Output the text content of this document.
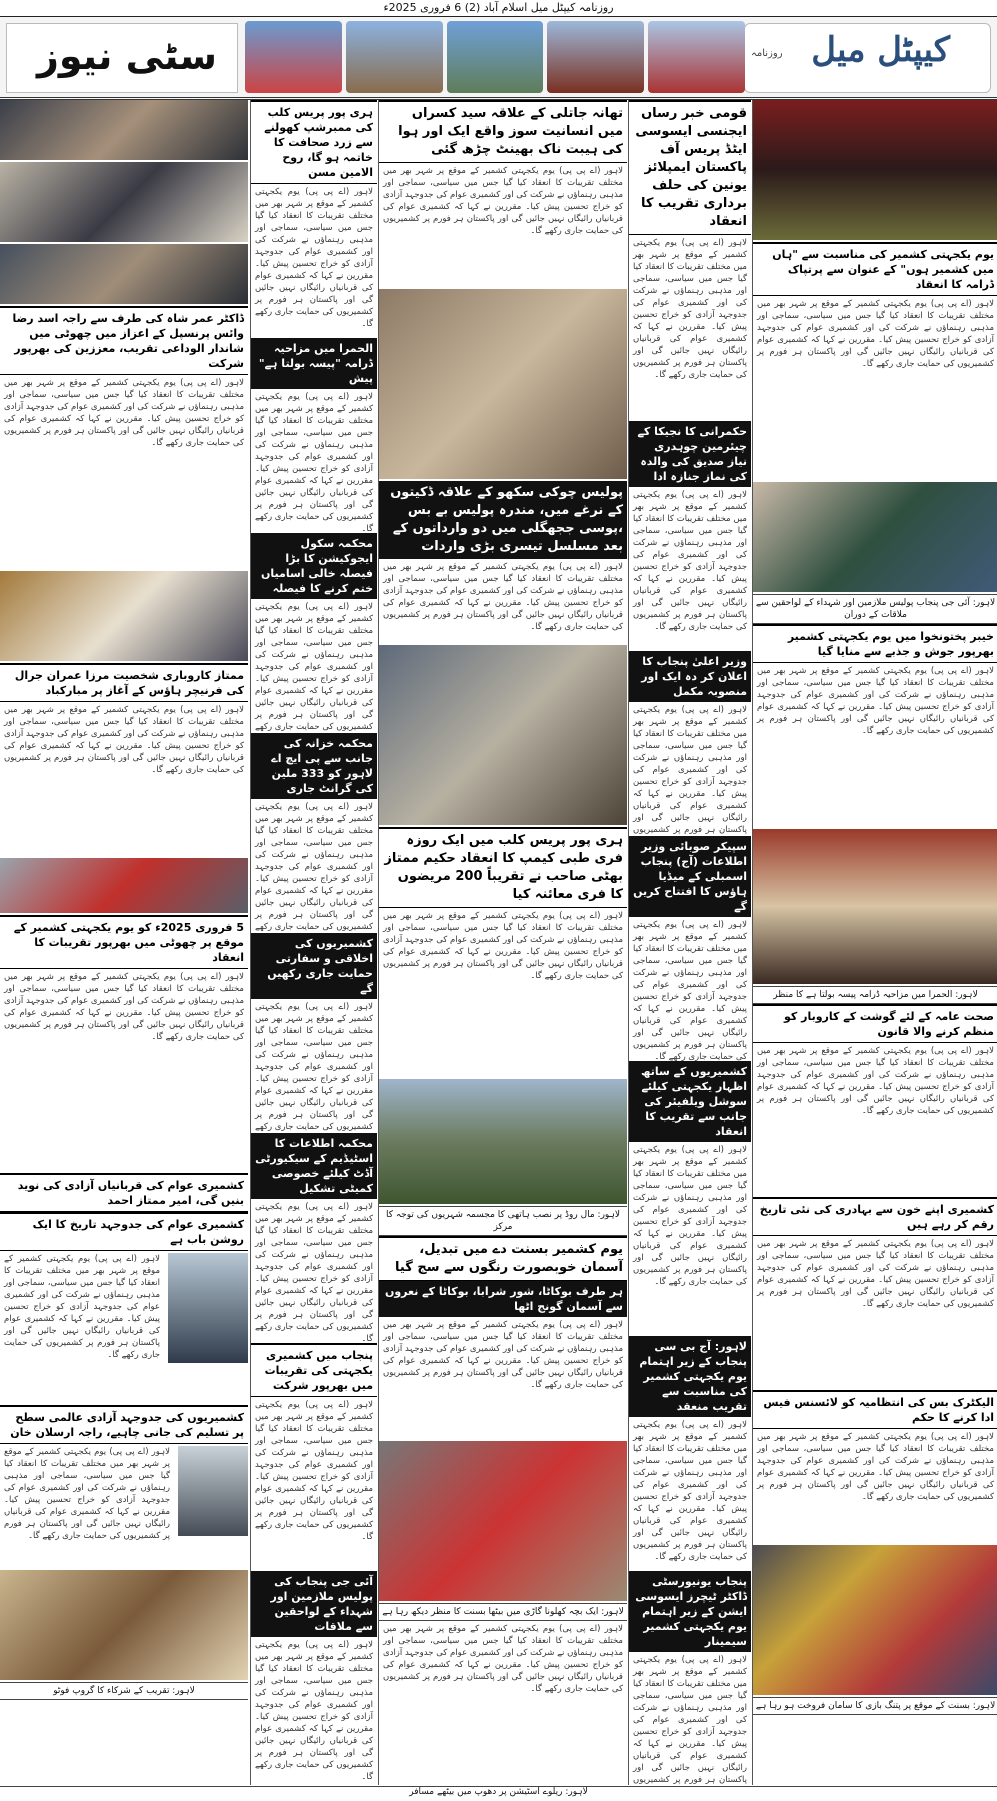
روزنامہ کیپٹل میل اسلام آباد (2) 6 فروری 2025ء
کیپٹل میل
روزنامہ
سٹی نیوز
قومی خبر رساں ایجنسی ایسوسی ایٹڈ پریس آف پاکستان ایمپلائز یونین کی حلف برداری تقریب کا انعقاد
لاہور (اے پی پی) یوم یکجہتی کشمیر کے موقع پر شہر بھر میں مختلف تقریبات کا انعقاد کیا گیا جس میں سیاسی، سماجی اور مذہبی رہنماؤں نے شرکت کی اور کشمیری عوام کی جدوجہد آزادی کو خراج تحسین پیش کیا۔ مقررین نے کہا کہ کشمیری عوام کی قربانیاں رائیگاں نہیں جائیں گی اور پاکستان ہر فورم پر کشمیریوں کی حمایت جاری رکھے گا۔
حکمرانی کا نجیکا کے چیئرمین چوہدری نیاز صدیق کی والدہ کی نماز جنازہ ادا
لاہور (اے پی پی) یوم یکجہتی کشمیر کے موقع پر شہر بھر میں مختلف تقریبات کا انعقاد کیا گیا جس میں سیاسی، سماجی اور مذہبی رہنماؤں نے شرکت کی اور کشمیری عوام کی جدوجہد آزادی کو خراج تحسین پیش کیا۔ مقررین نے کہا کہ کشمیری عوام کی قربانیاں رائیگاں نہیں جائیں گی اور پاکستان ہر فورم پر کشمیریوں کی حمایت جاری رکھے گا۔
وزیر اعلیٰ پنجاب کا اعلان کر دہ ایک اور منصوبہ مکمل
لاہور (اے پی پی) یوم یکجہتی کشمیر کے موقع پر شہر بھر میں مختلف تقریبات کا انعقاد کیا گیا جس میں سیاسی، سماجی اور مذہبی رہنماؤں نے شرکت کی اور کشمیری عوام کی جدوجہد آزادی کو خراج تحسین پیش کیا۔ مقررین نے کہا کہ کشمیری عوام کی قربانیاں رائیگاں نہیں جائیں گی اور پاکستان ہر فورم پر کشمیریوں
سپیکر صوبائی وزیر اطلاعات (آج) پنجاب اسمبلی کے میڈیا ہاؤس کا افتتاح کریں گے
لاہور (اے پی پی) یوم یکجہتی کشمیر کے موقع پر شہر بھر میں مختلف تقریبات کا انعقاد کیا گیا جس میں سیاسی، سماجی اور مذہبی رہنماؤں نے شرکت کی اور کشمیری عوام کی جدوجہد آزادی کو خراج تحسین پیش کیا۔ مقررین نے کہا کہ کشمیری عوام کی قربانیاں رائیگاں نہیں جائیں گی اور پاکستان ہر فورم پر کشمیریوں کی حمایت جاری رکھے گا۔
کشمیریوں کے ساتھ اظہار یکجہتی کیلئے سوشل ویلفیئر کی جانب سے تقریب کا انعقاد
لاہور (اے پی پی) یوم یکجہتی کشمیر کے موقع پر شہر بھر میں مختلف تقریبات کا انعقاد کیا گیا جس میں سیاسی، سماجی اور مذہبی رہنماؤں نے شرکت کی اور کشمیری عوام کی جدوجہد آزادی کو خراج تحسین پیش کیا۔ مقررین نے کہا کہ کشمیری عوام کی قربانیاں رائیگاں نہیں جائیں گی اور پاکستان ہر فورم پر کشمیریوں کی حمایت جاری رکھے گا۔
لاہور: آج بی سی پنجاب کے زیر اہتمام یوم یکجہتی کشمیر کی مناسبت سے تقریب منعقد
لاہور (اے پی پی) یوم یکجہتی کشمیر کے موقع پر شہر بھر میں مختلف تقریبات کا انعقاد کیا گیا جس میں سیاسی، سماجی اور مذہبی رہنماؤں نے شرکت کی اور کشمیری عوام کی جدوجہد آزادی کو خراج تحسین پیش کیا۔ مقررین نے کہا کہ کشمیری عوام کی قربانیاں رائیگاں نہیں جائیں گی اور پاکستان ہر فورم پر کشمیریوں کی حمایت جاری رکھے گا۔
پنجاب یونیورسٹی ڈاکٹر ٹیچرز ایسوسی ایشن کے زیر اہتمام یوم یکجہتی کشمیر سیمینار
لاہور (اے پی پی) یوم یکجہتی کشمیر کے موقع پر شہر بھر میں مختلف تقریبات کا انعقاد کیا گیا جس میں سیاسی، سماجی اور مذہبی رہنماؤں نے شرکت کی اور کشمیری عوام کی جدوجہد آزادی کو خراج تحسین پیش کیا۔ مقررین نے کہا کہ کشمیری عوام کی قربانیاں رائیگاں نہیں جائیں گی اور پاکستان ہر فورم پر کشمیریوں
تھانہ جاتلی کے علاقہ سید کسراں میں انسانیت سوز واقع ایک اور ہوا کی ہیبت ناک بھینٹ چڑھ گئی
لاہور (اے پی پی) یوم یکجہتی کشمیر کے موقع پر شہر بھر میں مختلف تقریبات کا انعقاد کیا گیا جس میں سیاسی، سماجی اور مذہبی رہنماؤں نے شرکت کی اور کشمیری عوام کی جدوجہد آزادی کو خراج تحسین پیش کیا۔ مقررین نے کہا کہ کشمیری عوام کی قربانیاں رائیگاں نہیں جائیں گی اور پاکستان ہر فورم پر کشمیریوں کی حمایت جاری رکھے گا۔
پولیس چوکی سکھو کے علاقہ ڈکیتوں کے نرغے میں، مندرہ پولیس بے بس ،پوسی ججھگلی میں دو وارداتوں کے بعد مسلسل تیسری بڑی واردات
لاہور (اے پی پی) یوم یکجہتی کشمیر کے موقع پر شہر بھر میں مختلف تقریبات کا انعقاد کیا گیا جس میں سیاسی، سماجی اور مذہبی رہنماؤں نے شرکت کی اور کشمیری عوام کی جدوجہد آزادی کو خراج تحسین پیش کیا۔ مقررین نے کہا کہ کشمیری عوام کی قربانیاں رائیگاں نہیں جائیں گی اور پاکستان ہر فورم پر کشمیریوں کی حمایت جاری رکھے گا۔
ہری پور پریس کلب میں ایک روزہ فری طبی کیمپ کا انعقاد حکیم ممتاز بھٹی صاحب نے تقریباً 200 مریضوں کا فری معائنہ کیا
لاہور (اے پی پی) یوم یکجہتی کشمیر کے موقع پر شہر بھر میں مختلف تقریبات کا انعقاد کیا گیا جس میں سیاسی، سماجی اور مذہبی رہنماؤں نے شرکت کی اور کشمیری عوام کی جدوجہد آزادی کو خراج تحسین پیش کیا۔ مقررین نے کہا کہ کشمیری عوام کی قربانیاں رائیگاں نہیں جائیں گی اور پاکستان ہر فورم پر کشمیریوں کی حمایت جاری رکھے گا۔
لاہور: مال روڈ پر نصب ہاتھی کا مجسمہ شہریوں کی توجہ کا مرکز
یوم کشمیر بسنت دے میں تبدیل، آسمان خوبصورت رنگوں سے سج گیا
ہر طرف بوکاٹا، شور شرابا، بوکاٹا کے نعروں سے آسمان گونج اٹھا
لاہور (اے پی پی) یوم یکجہتی کشمیر کے موقع پر شہر بھر میں مختلف تقریبات کا انعقاد کیا گیا جس میں سیاسی، سماجی اور مذہبی رہنماؤں نے شرکت کی اور کشمیری عوام کی جدوجہد آزادی کو خراج تحسین پیش کیا۔ مقررین نے کہا کہ کشمیری عوام کی قربانیاں رائیگاں نہیں جائیں گی اور پاکستان ہر فورم پر کشمیریوں کی حمایت جاری رکھے گا۔
لاہور: ایک بچہ کھلونا گاڑی میں بیٹھا بسنت کا منظر دیکھ رہا ہے
لاہور (اے پی پی) یوم یکجہتی کشمیر کے موقع پر شہر بھر میں مختلف تقریبات کا انعقاد کیا گیا جس میں سیاسی، سماجی اور مذہبی رہنماؤں نے شرکت کی اور کشمیری عوام کی جدوجہد آزادی کو خراج تحسین پیش کیا۔ مقررین نے کہا کہ کشمیری عوام کی قربانیاں رائیگاں نہیں جائیں گی اور پاکستان ہر فورم پر کشمیریوں کی حمایت جاری رکھے گا۔
ہری پور پریس کلب کی ممبرشپ کھولنے سے زرد صحافت کا خاتمہ ہو گا، روح الامین مسن
لاہور (اے پی پی) یوم یکجہتی کشمیر کے موقع پر شہر بھر میں مختلف تقریبات کا انعقاد کیا گیا جس میں سیاسی، سماجی اور مذہبی رہنماؤں نے شرکت کی اور کشمیری عوام کی جدوجہد آزادی کو خراج تحسین پیش کیا۔ مقررین نے کہا کہ کشمیری عوام کی قربانیاں رائیگاں نہیں جائیں گی اور پاکستان ہر فورم پر کشمیریوں کی حمایت جاری رکھے گا۔
الحمرا میں مزاحیہ ڈرامہ "پیسہ بولتا ہے" پیش
لاہور (اے پی پی) یوم یکجہتی کشمیر کے موقع پر شہر بھر میں مختلف تقریبات کا انعقاد کیا گیا جس میں سیاسی، سماجی اور مذہبی رہنماؤں نے شرکت کی اور کشمیری عوام کی جدوجہد آزادی کو خراج تحسین پیش کیا۔ مقررین نے کہا کہ کشمیری عوام کی قربانیاں رائیگاں نہیں جائیں گی اور پاکستان ہر فورم پر کشمیریوں کی حمایت جاری رکھے گا۔
محکمہ سکول ایجوکیشن کا بڑا فیصلہ خالی اسامیاں ختم کرنے کا فیصلہ
لاہور (اے پی پی) یوم یکجہتی کشمیر کے موقع پر شہر بھر میں مختلف تقریبات کا انعقاد کیا گیا جس میں سیاسی، سماجی اور مذہبی رہنماؤں نے شرکت کی اور کشمیری عوام کی جدوجہد آزادی کو خراج تحسین پیش کیا۔ مقررین نے کہا کہ کشمیری عوام کی قربانیاں رائیگاں نہیں جائیں گی اور پاکستان ہر فورم پر کشمیریوں کی حمایت جاری رکھے
محکمہ خزانہ کی جانب سے پی ایچ اے لاہور کو 333 ملین کی گرانٹ جاری
لاہور (اے پی پی) یوم یکجہتی کشمیر کے موقع پر شہر بھر میں مختلف تقریبات کا انعقاد کیا گیا جس میں سیاسی، سماجی اور مذہبی رہنماؤں نے شرکت کی اور کشمیری عوام کی جدوجہد آزادی کو خراج تحسین پیش کیا۔ مقررین نے کہا کہ کشمیری عوام کی قربانیاں رائیگاں نہیں جائیں گی اور پاکستان ہر فورم پر کشمیریوں کی حمایت جاری رکھے
کشمیریوں کی اخلاقی و سفارتی حمایت جاری رکھیں گے
لاہور (اے پی پی) یوم یکجہتی کشمیر کے موقع پر شہر بھر میں مختلف تقریبات کا انعقاد کیا گیا جس میں سیاسی، سماجی اور مذہبی رہنماؤں نے شرکت کی اور کشمیری عوام کی جدوجہد آزادی کو خراج تحسین پیش کیا۔ مقررین نے کہا کہ کشمیری عوام کی قربانیاں رائیگاں نہیں جائیں گی اور پاکستان ہر فورم پر کشمیریوں کی حمایت جاری رکھے
محکمہ اطلاعات کا اسٹیڈیم کے سیکیورٹی آڈٹ کیلئے خصوصی کمیٹی تشکیل
لاہور (اے پی پی) یوم یکجہتی کشمیر کے موقع پر شہر بھر میں مختلف تقریبات کا انعقاد کیا گیا جس میں سیاسی، سماجی اور مذہبی رہنماؤں نے شرکت کی اور کشمیری عوام کی جدوجہد آزادی کو خراج تحسین پیش کیا۔ مقررین نے کہا کہ کشمیری عوام کی قربانیاں رائیگاں نہیں جائیں گی اور پاکستان ہر فورم پر کشمیریوں کی حمایت جاری رکھے گا۔
پنجاب میں کشمیری یکجہتی کی تقریبات میں بھرپور شرکت
لاہور (اے پی پی) یوم یکجہتی کشمیر کے موقع پر شہر بھر میں مختلف تقریبات کا انعقاد کیا گیا جس میں سیاسی، سماجی اور مذہبی رہنماؤں نے شرکت کی اور کشمیری عوام کی جدوجہد آزادی کو خراج تحسین پیش کیا۔ مقررین نے کہا کہ کشمیری عوام کی قربانیاں رائیگاں نہیں جائیں گی اور پاکستان ہر فورم پر کشمیریوں کی حمایت جاری رکھے گا۔
آئی جی پنجاب کی پولیس ملازمین اور شہداء کے لواحقین سے ملاقات
لاہور (اے پی پی) یوم یکجہتی کشمیر کے موقع پر شہر بھر میں مختلف تقریبات کا انعقاد کیا گیا جس میں سیاسی، سماجی اور مذہبی رہنماؤں نے شرکت کی اور کشمیری عوام کی جدوجہد آزادی کو خراج تحسین پیش کیا۔ مقررین نے کہا کہ کشمیری عوام کی قربانیاں رائیگاں نہیں جائیں گی اور پاکستان ہر فورم پر کشمیریوں کی حمایت جاری رکھے گا۔
ڈاکٹر عمر شاہ کی طرف سے راجہ اسد رضا وائس پرنسپل کے اعزاز میں چھوٹی میں شاندار الوداعی تقریب، معززین کی بھرپور شرکت
لاہور (اے پی پی) یوم یکجہتی کشمیر کے موقع پر شہر بھر میں مختلف تقریبات کا انعقاد کیا گیا جس میں سیاسی، سماجی اور مذہبی رہنماؤں نے شرکت کی اور کشمیری عوام کی جدوجہد آزادی کو خراج تحسین پیش کیا۔ مقررین نے کہا کہ کشمیری عوام کی قربانیاں رائیگاں نہیں جائیں گی اور پاکستان ہر فورم پر کشمیریوں کی حمایت جاری رکھے گا۔
ممتاز کاروباری شخصیت مرزا عمران جرال کی فرنیچر ہاؤس کے آغاز پر مبارکباد
لاہور (اے پی پی) یوم یکجہتی کشمیر کے موقع پر شہر بھر میں مختلف تقریبات کا انعقاد کیا گیا جس میں سیاسی، سماجی اور مذہبی رہنماؤں نے شرکت کی اور کشمیری عوام کی جدوجہد آزادی کو خراج تحسین پیش کیا۔ مقررین نے کہا کہ کشمیری عوام کی قربانیاں رائیگاں نہیں جائیں گی اور پاکستان ہر فورم پر کشمیریوں کی حمایت جاری رکھے گا۔
5 فروری 2025ء کو یوم یکجہتی کشمیر کے موقع پر چھوٹی میں بھرپور تقریبات کا انعقاد
لاہور (اے پی پی) یوم یکجہتی کشمیر کے موقع پر شہر بھر میں مختلف تقریبات کا انعقاد کیا گیا جس میں سیاسی، سماجی اور مذہبی رہنماؤں نے شرکت کی اور کشمیری عوام کی جدوجہد آزادی کو خراج تحسین پیش کیا۔ مقررین نے کہا کہ کشمیری عوام کی قربانیاں رائیگاں نہیں جائیں گی اور پاکستان ہر فورم پر کشمیریوں کی حمایت جاری رکھے گا۔
کشمیری عوام کی قربانیاں آزادی کی نوید بنیں گی، امیر ممتاز احمد
کشمیری عوام کی جدوجہد تاریخ کا ایک روشن باب ہے
لاہور (اے پی پی) یوم یکجہتی کشمیر کے موقع پر شہر بھر میں مختلف تقریبات کا انعقاد کیا گیا جس میں سیاسی، سماجی اور مذہبی رہنماؤں نے شرکت کی اور کشمیری عوام کی جدوجہد آزادی کو خراج تحسین پیش کیا۔ مقررین نے کہا کہ کشمیری عوام کی قربانیاں رائیگاں نہیں جائیں گی اور پاکستان ہر فورم پر کشمیریوں کی حمایت جاری رکھے گا۔
کشمیریوں کی جدوجہد آزادی عالمی سطح پر تسلیم کی جانی چاہیے، راجہ ارسلان خان
لاہور (اے پی پی) یوم یکجہتی کشمیر کے موقع پر شہر بھر میں مختلف تقریبات کا انعقاد کیا گیا جس میں سیاسی، سماجی اور مذہبی رہنماؤں نے شرکت کی اور کشمیری عوام کی جدوجہد آزادی کو خراج تحسین پیش کیا۔ مقررین نے کہا کہ کشمیری عوام کی قربانیاں رائیگاں نہیں جائیں گی اور پاکستان ہر فورم پر کشمیریوں کی حمایت جاری رکھے گا۔
لاہور: تقریب کے شرکاء کا گروپ فوٹو
یوم یکجہتی کشمیر کی مناسبت سے "ہاں میں کشمیر ہوں" کے عنوان سے پرتپاک ڈرامہ کا انعقاد
لاہور (اے پی پی) یوم یکجہتی کشمیر کے موقع پر شہر بھر میں مختلف تقریبات کا انعقاد کیا گیا جس میں سیاسی، سماجی اور مذہبی رہنماؤں نے شرکت کی اور کشمیری عوام کی جدوجہد آزادی کو خراج تحسین پیش کیا۔ مقررین نے کہا کہ کشمیری عوام کی قربانیاں رائیگاں نہیں جائیں گی اور پاکستان ہر فورم پر کشمیریوں کی حمایت جاری رکھے گا۔
لاہور: آئی جی پنجاب پولیس ملازمین اور شہداء کے لواحقین سے ملاقات کے دوران
خیبر پختونخوا میں یوم یکجہتی کشمیر بھرپور جوش و جذبے سے منایا گیا
لاہور (اے پی پی) یوم یکجہتی کشمیر کے موقع پر شہر بھر میں مختلف تقریبات کا انعقاد کیا گیا جس میں سیاسی، سماجی اور مذہبی رہنماؤں نے شرکت کی اور کشمیری عوام کی جدوجہد آزادی کو خراج تحسین پیش کیا۔ مقررین نے کہا کہ کشمیری عوام کی قربانیاں رائیگاں نہیں جائیں گی اور پاکستان ہر فورم پر کشمیریوں کی حمایت جاری رکھے گا۔
لاہور: الحمرا میں مزاحیہ ڈرامہ پیسہ بولتا ہے کا منظر
صحت عامہ کے لئے گوشت کے کاروبار کو منظم کرنے والا قانون
لاہور (اے پی پی) یوم یکجہتی کشمیر کے موقع پر شہر بھر میں مختلف تقریبات کا انعقاد کیا گیا جس میں سیاسی، سماجی اور مذہبی رہنماؤں نے شرکت کی اور کشمیری عوام کی جدوجہد آزادی کو خراج تحسین پیش کیا۔ مقررین نے کہا کہ کشمیری عوام کی قربانیاں رائیگاں نہیں جائیں گی اور پاکستان ہر فورم پر کشمیریوں کی حمایت جاری رکھے گا۔
کشمیری اپنے خون سے بہادری کی نئی تاریخ رقم کر رہے ہیں
لاہور (اے پی پی) یوم یکجہتی کشمیر کے موقع پر شہر بھر میں مختلف تقریبات کا انعقاد کیا گیا جس میں سیاسی، سماجی اور مذہبی رہنماؤں نے شرکت کی اور کشمیری عوام کی جدوجہد آزادی کو خراج تحسین پیش کیا۔ مقررین نے کہا کہ کشمیری عوام کی قربانیاں رائیگاں نہیں جائیں گی اور پاکستان ہر فورم پر کشمیریوں کی حمایت جاری رکھے گا۔
الیکٹرک بس کی انتظامیہ کو لائسنس فیس ادا کرنے کا حکم
لاہور (اے پی پی) یوم یکجہتی کشمیر کے موقع پر شہر بھر میں مختلف تقریبات کا انعقاد کیا گیا جس میں سیاسی، سماجی اور مذہبی رہنماؤں نے شرکت کی اور کشمیری عوام کی جدوجہد آزادی کو خراج تحسین پیش کیا۔ مقررین نے کہا کہ کشمیری عوام کی قربانیاں رائیگاں نہیں جائیں گی اور پاکستان ہر فورم پر کشمیریوں کی حمایت جاری رکھے گا۔
لاہور: بسنت کے موقع پر پتنگ بازی کا سامان فروخت ہو رہا ہے
لاہور: ریلوے اسٹیشن پر دھوپ میں بیٹھے مسافر
